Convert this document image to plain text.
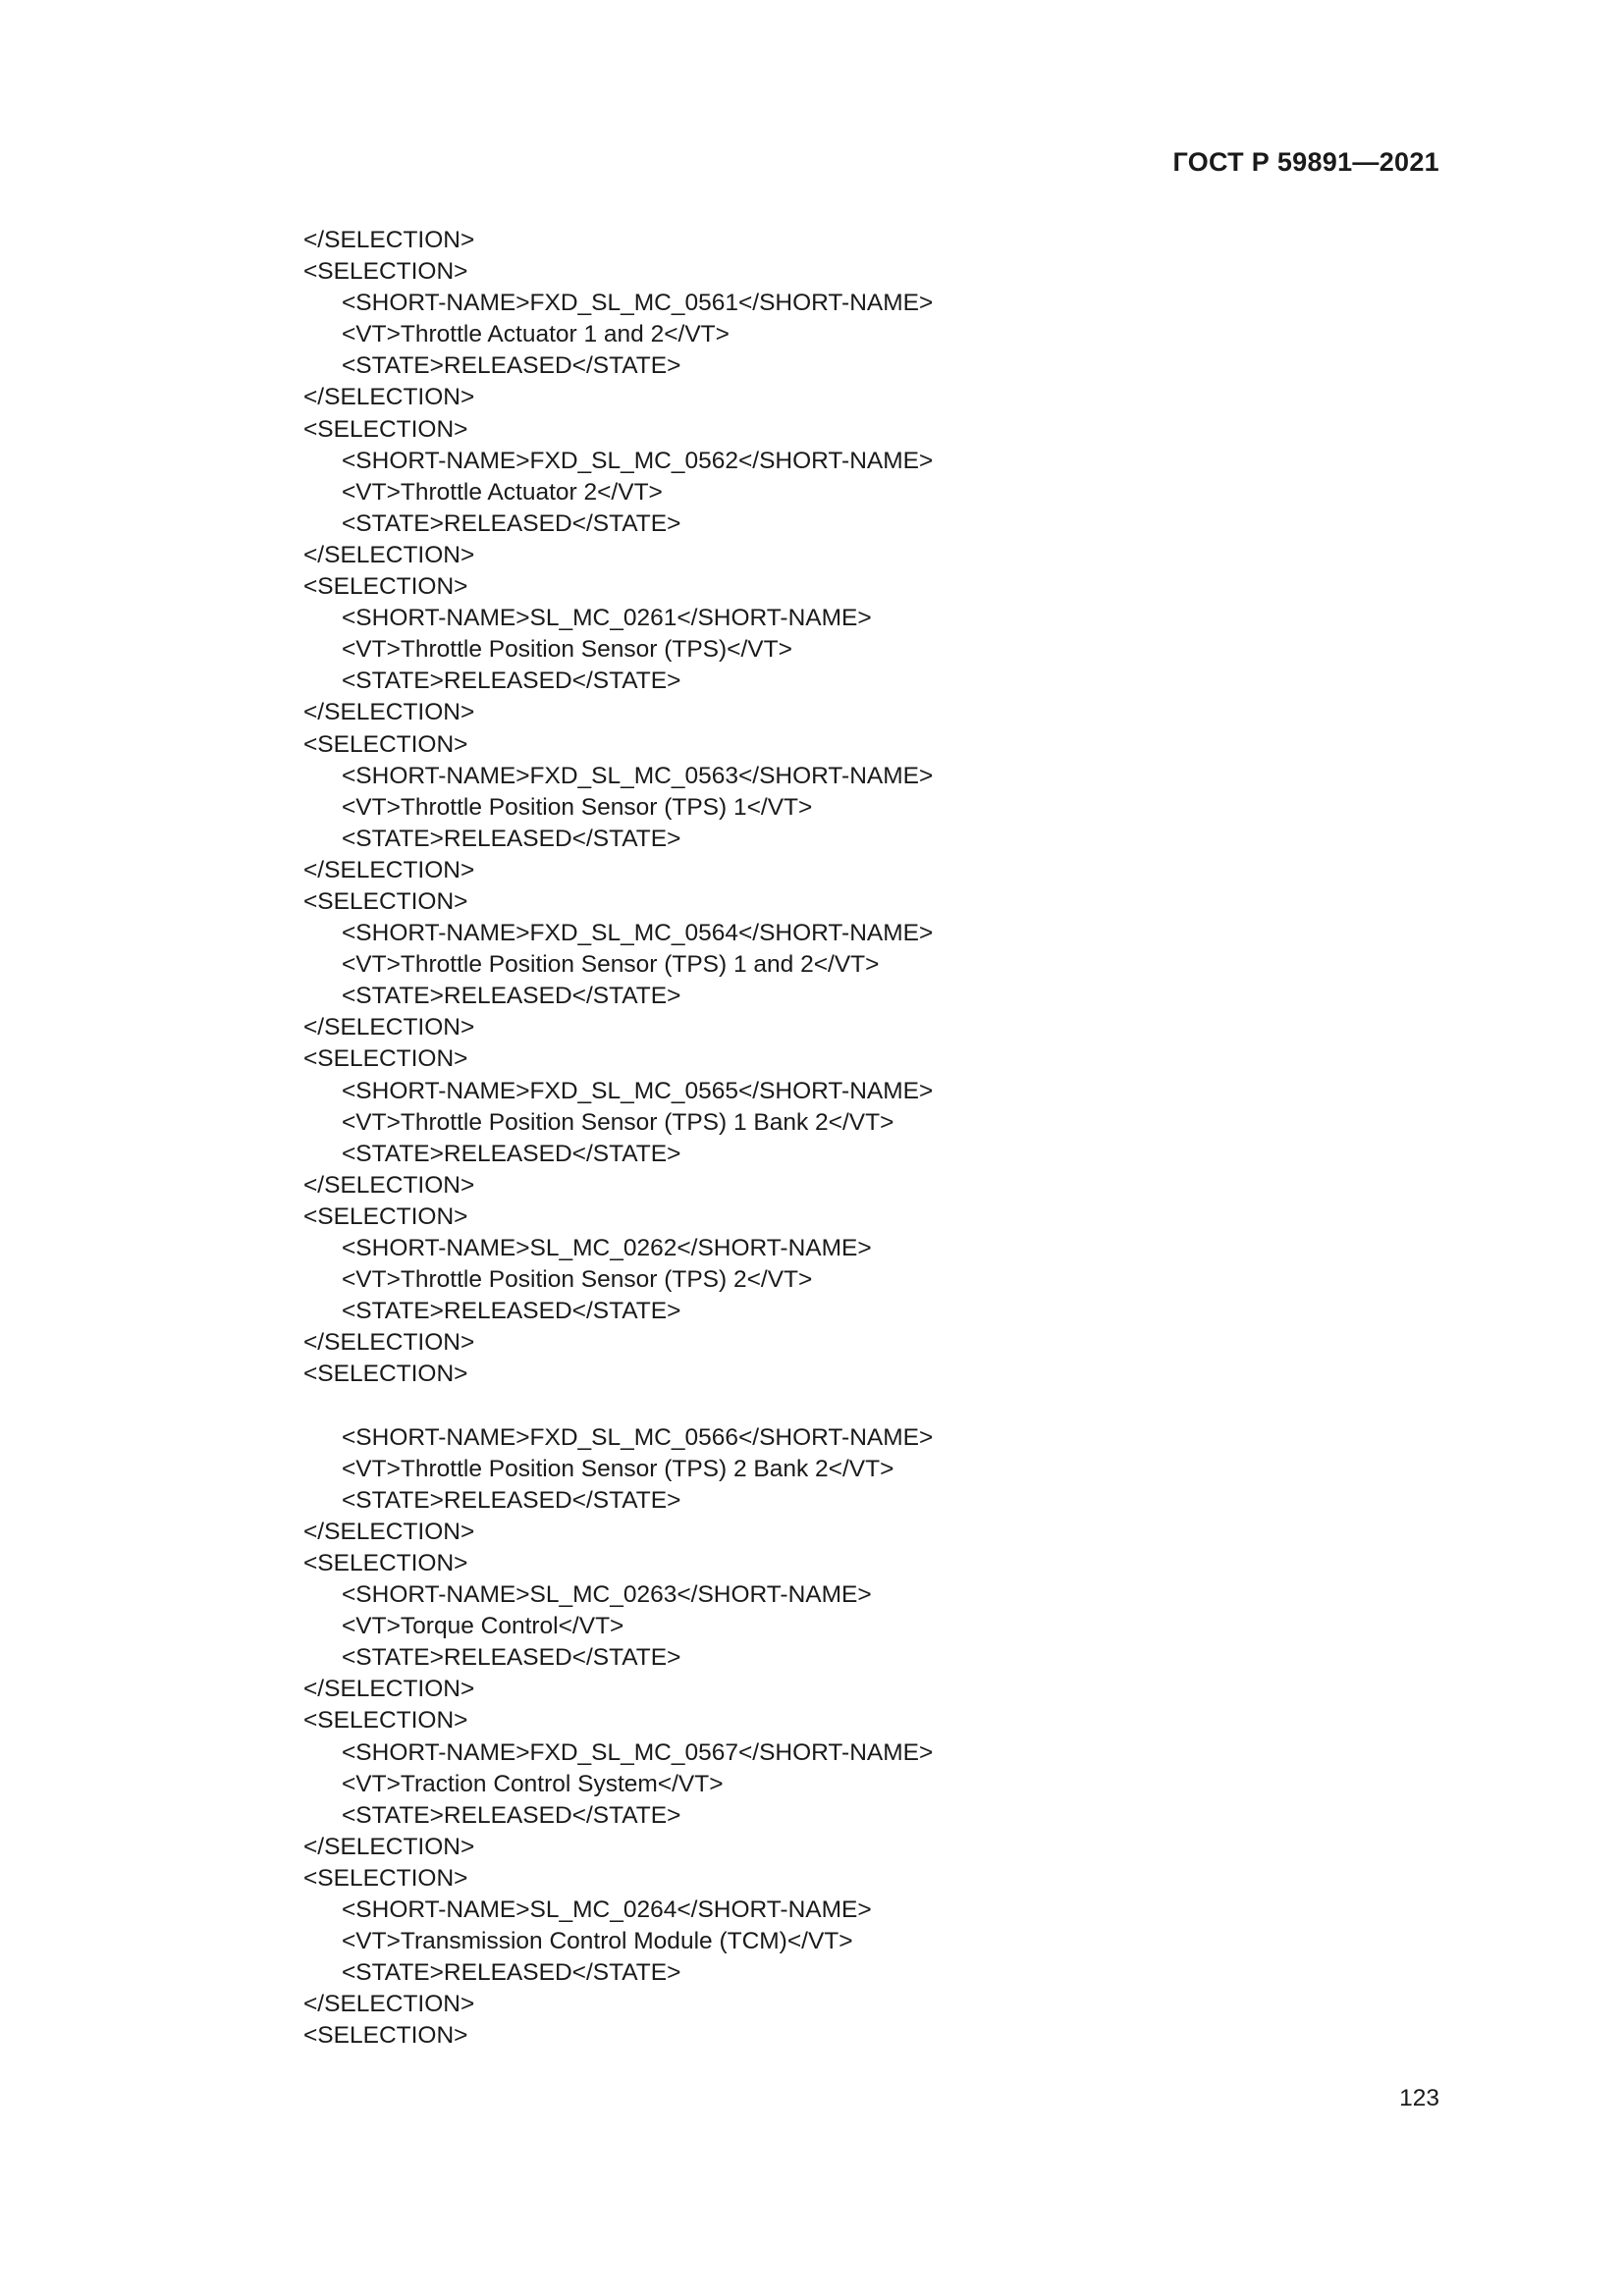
ГОСТ Р 59891—2021
</SELECTION>
<SELECTION>
<SHORT-NAME>FXD_SL_MC_0561</SHORT-NAME>
<VT>Throttle Actuator 1 and 2</VT>
<STATE>RELEASED</STATE>
</SELECTION>
<SELECTION>
<SHORT-NAME>FXD_SL_MC_0562</SHORT-NAME>
<VT>Throttle Actuator 2</VT>
<STATE>RELEASED</STATE>
</SELECTION>
<SELECTION>
<SHORT-NAME>SL_MC_0261</SHORT-NAME>
<VT>Throttle Position Sensor (TPS)</VT>
<STATE>RELEASED</STATE>
</SELECTION>
<SELECTION>
<SHORT-NAME>FXD_SL_MC_0563</SHORT-NAME>
<VT>Throttle Position Sensor (TPS) 1</VT>
<STATE>RELEASED</STATE>
</SELECTION>
<SELECTION>
<SHORT-NAME>FXD_SL_MC_0564</SHORT-NAME>
<VT>Throttle Position Sensor (TPS) 1 and 2</VT>
<STATE>RELEASED</STATE>
</SELECTION>
<SELECTION>
<SHORT-NAME>FXD_SL_MC_0565</SHORT-NAME>
<VT>Throttle Position Sensor (TPS) 1 Bank 2</VT>
<STATE>RELEASED</STATE>
</SELECTION>
<SELECTION>
<SHORT-NAME>SL_MC_0262</SHORT-NAME>
<VT>Throttle Position Sensor (TPS) 2</VT>
<STATE>RELEASED</STATE>
</SELECTION>
<SELECTION>
<SHORT-NAME>FXD_SL_MC_0566</SHORT-NAME>
<VT>Throttle Position Sensor (TPS) 2 Bank 2</VT>
<STATE>RELEASED</STATE>
</SELECTION>
<SELECTION>
<SHORT-NAME>SL_MC_0263</SHORT-NAME>
<VT>Torque Control</VT>
<STATE>RELEASED</STATE>
</SELECTION>
<SELECTION>
<SHORT-NAME>FXD_SL_MC_0567</SHORT-NAME>
<VT>Traction Control System</VT>
<STATE>RELEASED</STATE>
</SELECTION>
<SELECTION>
<SHORT-NAME>SL_MC_0264</SHORT-NAME>
<VT>Transmission Control Module (TCM)</VT>
<STATE>RELEASED</STATE>
</SELECTION>
<SELECTION>
123
